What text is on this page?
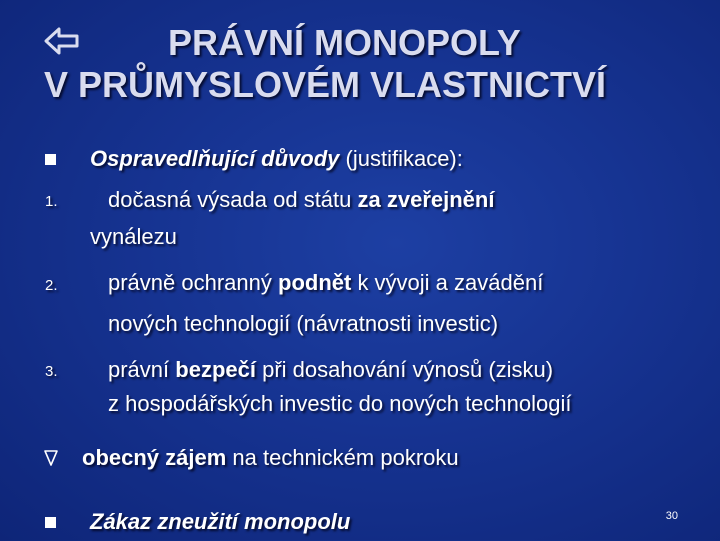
PRÁVNÍ MONOPOLY
V PRŮMYSLOVÉM VLASTNICTVÍ
Ospravedlňující důvody (justifikace):
1. dočasná výsada od státu za zveřejnění
vynálezu
2. právně ochranný podnět k vývoji a zavádění
nových technologií (návratnosti investic)
3. právní bezpečí při dosahování výnosů (zisku)
z hospodářských investic do nových technologií
obecný zájem na technickém pokroku
Zákaz zneužití monopolu	30
